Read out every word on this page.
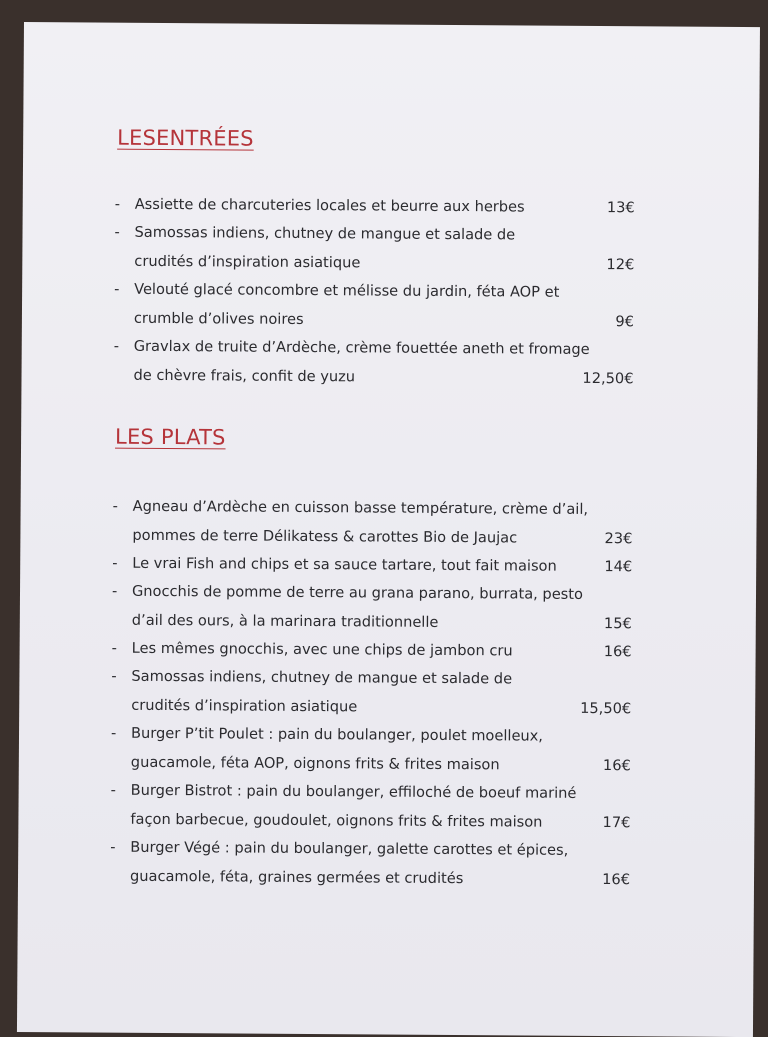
LESENTRÉES
- Assiette de charcuteries locales et beurre aux herbes	13€
- Samossas indiens, chutney de mangue et salade de
crudités d’inspiration asiatique	12€
- Velouté glacé concombre et mélisse du jardin, féta AOP et
crumble d’olives noires	9€
- Gravlax de truite d’Ardèche, crème fouettée aneth et fromage
de chèvre frais, confit de yuzu	12,50€
LES PLATS
- Agneau d’Ardèche en cuisson basse température, crème d’ail,
pommes de terre Délikatess & carottes Bio de Jaujac	23€
- Le vrai Fish and chips et sa sauce tartare, tout fait maison	14€
- Gnocchis de pomme de terre au grana parano, burrata, pesto
d’ail des ours, à la marinara traditionnelle	15€
- Les mêmes gnocchis, avec une chips de jambon cru	16€
- Samossas indiens, chutney de mangue et salade de
crudités d’inspiration asiatique	15,50€
- Burger P’tit Poulet : pain du boulanger, poulet moelleux,
guacamole, féta AOP, oignons frits & frites maison	16€
- Burger Bistrot : pain du boulanger, effiloché de boeuf mariné
façon barbecue, goudoulet, oignons frits & frites maison	17€
- Burger Végé : pain du boulanger, galette carottes et épices,
guacamole, féta, graines germées et crudités	16€
